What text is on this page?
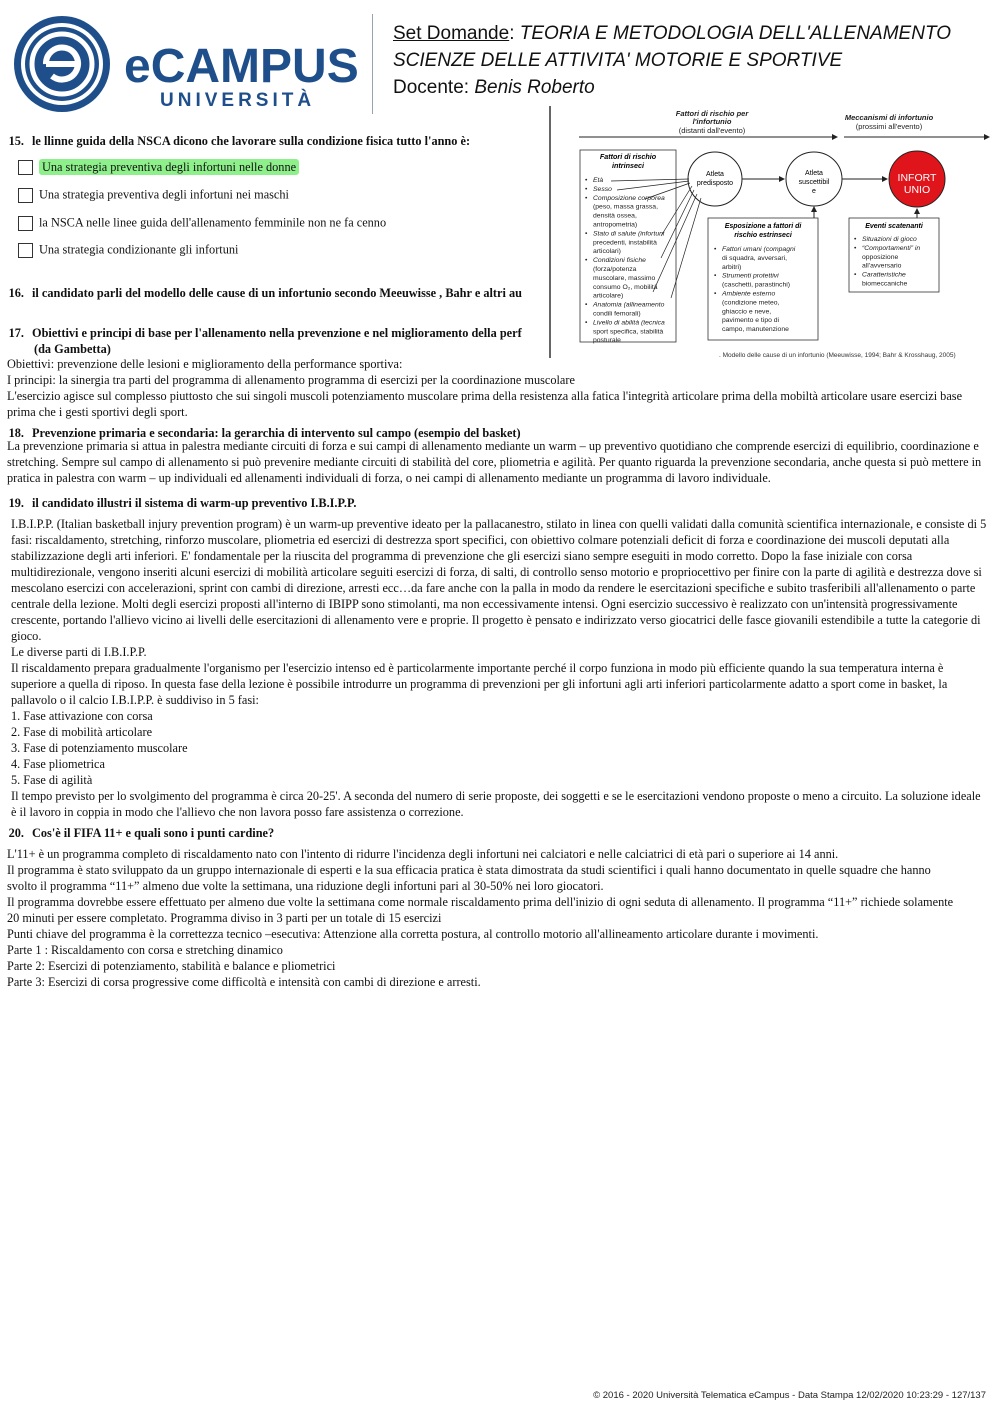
eCAMPUS
UNIVERSITÀ
Set Domande: TEORIA E METODOLOGIA DELL'ALLENAMENTO
SCIENZE DELLE ATTIVITA' MOTORIE E SPORTIVE
Docente: Benis Roberto
15. le llinne guida della NSCA dicono che lavorare sulla condizione fisica tutto l'anno è:
Una strategia preventiva degli infortuni nelle donne
Una strategia preventiva degli infortuni nei maschi
la NSCA nelle linee guida dell'allenamento femminile non ne fa cenno
Una strategia condizionante gli infortuni
16. il candidato parli del modello delle cause di un infortunio secondo Meeuwisse , Bahr e altri au
17. Obiettivi e principi di base per l'allenamento nella prevenzione e nel miglioramento della perf
(da Gambetta)
Fattori di rischio per
l'infortunio
(distanti dall'evento)
Meccanismi di infortunio
(prossimi all'evento)
Fattori di rischio
intrinseci
• Età
• Sesso
• Composizione corporea
(peso, massa grassa,
densità ossea,
antropometria)
• Stato di salute (infortuni
precedenti, instabilità
articolari)
• Condizioni fisiche
(forza/potenza
muscolare, massimo
consumo O₂, mobilità
articolare)
• Anatomia (allineamento
condili femorali)
• Livello di abilità (tecnica
sport specifica, stabilità
posturale
Atleta
predisposto
Atleta
suscettibil
e
INFORT
UNIO
Esposizione a fattori di
rischio estrinseci
• Fattori umani (compagni
di squadra, avversari,
arbitri)
• Strumenti protettivi
(caschetti, parastinchi)
• Ambiente esterno
(condizione meteo,
ghiaccio e neve,
pavimento e tipo di
campo, manutenzione
Eventi scatenanti
• Situazioni di gioco
• “Comportamenti” in
opposizione
all'avversario
• Caratteristiche
biomeccaniche
. Modello delle cause di un infortunio (Meeuwisse, 1994; Bahr & Krosshaug, 2005)

Obiettivi: prevenzione delle lesioni e miglioramento della performance sportiva:

I principi: la sinergia tra parti del programma di allenamento programma di esercizi per la coordinazione muscolare

L'esercizio agisce sul complesso piuttosto che sui singoli muscoli potenziamento muscolare prima della resistenza alla fatica l'integrità articolare prima della mobiltà articolare usare esercizi base prima che i gesti sportivi degli sport.

18. Prevenzione primaria e secondaria: la gerarchia di intervento sul campo (esempio del basket)
La prevenzione primaria si attua in palestra mediante circuiti di forza e sui campi di allenamento mediante un warm – up preventivo quotidiano che comprende esercizi di equilibrio, coordinazione e stretching. Sempre sul campo di allenamento si può prevenire mediante circuiti di stabilità del core, pliometria e agilità. Per quanto riguarda la prevenzione secondaria, anche questa si può mettere in pratica in palestra con warm – up individuali ed allenamenti individuali di forza, o nei campi di allenamento mediante un programma di lavoro individuale.
19. il candidato illustri il sistema di warm-up preventivo I.B.I.P.P.

I.B.I.P.P. (Italian basketball injury prevention program) è un warm-up preventive ideato per la pallacanestro, stilato in linea con quelli validati dalla comunità scientifica internazionale, e consiste di 5 fasi: riscaldamento, stretching, rinforzo muscolare, pliometria ed esercizi di destrezza sport specifici, con obiettivo colmare potenziali deficit di forza e coordinazione dei muscoli deputati alla stabilizzazione degli arti inferiori. E' fondamentale per la riuscita del programma di prevenzione che gli esercizi siano sempre eseguiti in modo corretto. Dopo la fase iniziale con corsa multidirezionale, vengono inseriti alcuni esercizi di mobilità articolare seguiti esercizi di forza, di salti, di controllo senso motorio e propriocettivo per finire con la parte di agilità e destrezza dove si mescolano esercizi con accelerazioni, sprint con cambi di direzione, arresti ecc…da fare anche con la palla in modo da rendere le esercitazioni specifiche e subito trasferibili all'allenamento o parte centrale della lezione. Molti degli esercizi proposti all'interno di IBIPP sono stimolanti, ma non eccessivamente intensi. Ogni esercizio successivo è realizzato con un'intensità progressivamente crescente, portando l'allievo vicino ai livelli delle esercitazioni di allenamento vere e proprie. Il progetto è pensato e indirizzato verso giocatrici delle fasce giovanili estendibile a tutte la categorie di gioco.

Le diverse parti di I.B.I.P.P.

Il riscaldamento prepara gradualmente l'organismo per l'esercizio intenso ed è particolarmente importante perché il corpo funziona in modo più efficiente quando la sua temperatura interna è superiore a quella di riposo. In questa fase della lezione è possibile introdurre un programma di prevenzioni per gli infortuni agli arti inferiori particolarmente adatto a sport come in basket, la pallavolo o il calcio I.B.I.P.P. è suddiviso in 5 fasi:

1. Fase attivazione con corsa

2. Fase di mobilità articolare

3. Fase di potenziamento muscolare

4. Fase pliometrica

5. Fase di agilità

Il tempo previsto per lo svolgimento del programma è circa 20-25'. A seconda del numero di serie proposte, dei soggetti e se le esercitazioni vendono proposte o meno a circuito. La soluzione ideale è il lavoro in coppia in modo che l'allievo che non lavora posso fare assistenza o correzione.

20. Cos'è il FIFA 11+ e quali sono i punti cardine?

L'11+ è un programma completo di riscaldamento nato con l'intento di ridurre l'incidenza degli infortuni nei calciatori e nelle calciatrici di età pari o superiore ai 14 anni.

Il programma è stato sviluppato da un gruppo internazionale di esperti e la sua efficacia pratica è stata dimostrata da studi scientifici i quali hanno documentato in quelle squadre che hanno svolto il programma “11+” almeno due volte la settimana, una riduzione degli infortuni pari al 30-50% nei loro giocatori.

Il programma dovrebbe essere effettuato per almeno due volte la settimana come normale riscaldamento prima dell'inizio di ogni seduta di allenamento. Il programma “11+” richiede solamente 20 minuti per essere completato. Programma diviso in 3 parti per un totale di 15 esercizi

Punti chiave del programma è la correttezza tecnico –esecutiva: Attenzione alla corretta postura, al controllo motorio all'allineamento articolare durante i movimenti.

Parte 1 : Riscaldamento con corsa e stretching dinamico

Parte 2: Esercizi di potenziamento, stabilità e balance e pliometrici

Parte 3: Esercizi di corsa progressive come difficoltà e intensità con cambi di direzione e arresti.

© 2016 - 2020 Università Telematica eCampus - Data Stampa 12/02/2020 10:23:29 - 127/137
